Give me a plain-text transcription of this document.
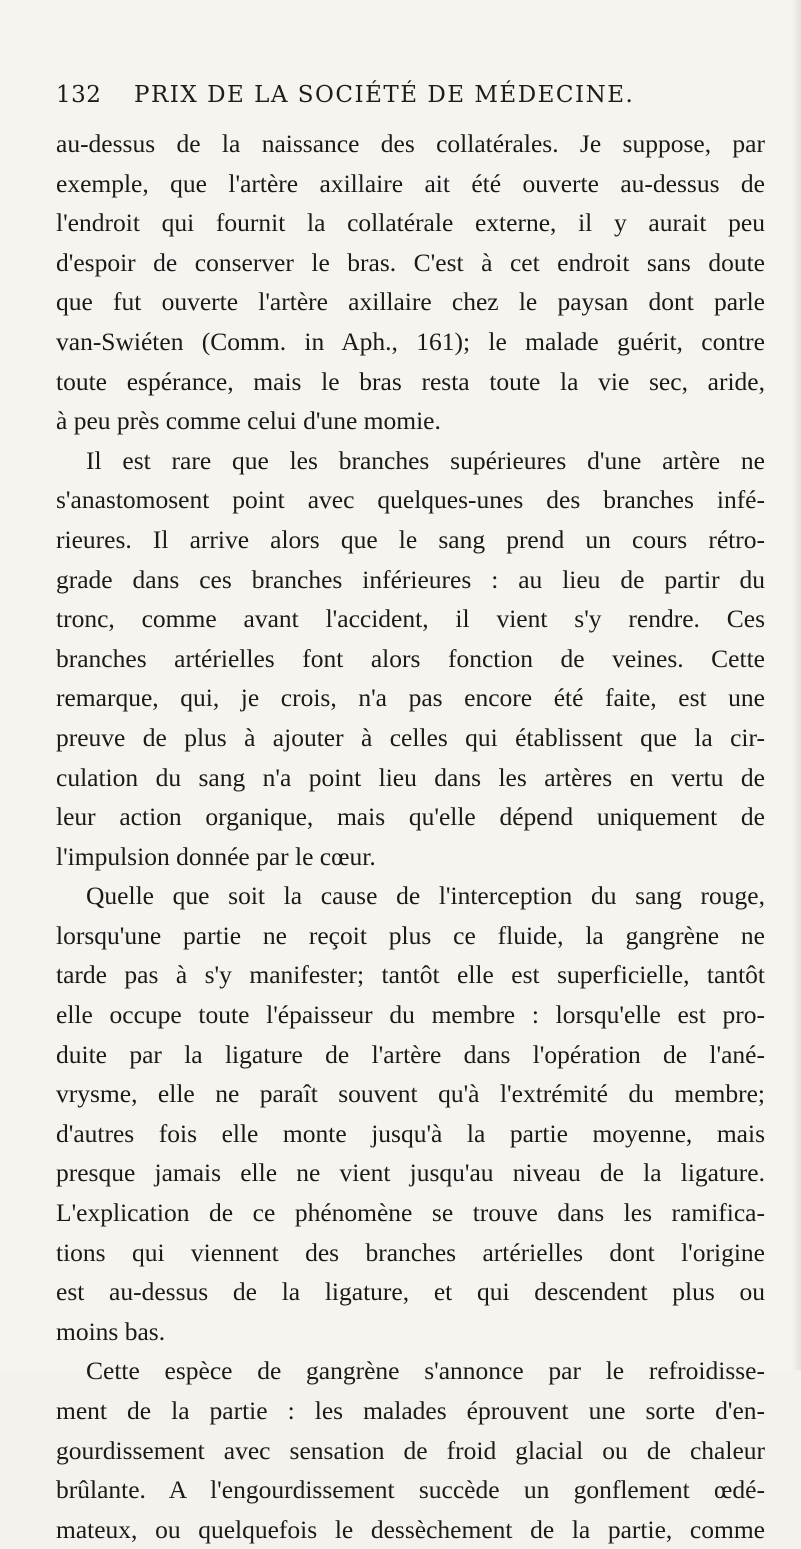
132 PRIX DE LA SOCIÉTÉ DE MÉDECINE.
au-dessus de la naissance des collatérales. Je suppose, par
exemple, que l'artère axillaire ait été ouverte au-dessus de
l'endroit qui fournit la collatérale externe, il y aurait peu
d'espoir de conserver le bras. C'est à cet endroit sans doute
que fut ouverte l'artère axillaire chez le paysan dont parle
van-Swiéten (Comm. in Aph., 161); le malade guérit, contre
toute espérance, mais le bras resta toute la vie sec, aride,
à peu près comme celui d'une momie.
Il est rare que les branches supérieures d'une artère ne
s'anastomosent point avec quelques-unes des branches infé-
rieures. Il arrive alors que le sang prend un cours rétro-
grade dans ces branches inférieures : au lieu de partir du
tronc, comme avant l'accident, il vient s'y rendre. Ces
branches artérielles font alors fonction de veines. Cette
remarque, qui, je crois, n'a pas encore été faite, est une
preuve de plus à ajouter à celles qui établissent que la cir-
culation du sang n'a point lieu dans les artères en vertu de
leur action organique, mais qu'elle dépend uniquement de
l'impulsion donnée par le cœur.
Quelle que soit la cause de l'interception du sang rouge,
lorsqu'une partie ne reçoit plus ce fluide, la gangrène ne
tarde pas à s'y manifester; tantôt elle est superficielle, tantôt
elle occupe toute l'épaisseur du membre : lorsqu'elle est pro-
duite par la ligature de l'artère dans l'opération de l'ané-
vrysme, elle ne paraît souvent qu'à l'extrémité du membre;
d'autres fois elle monte jusqu'à la partie moyenne, mais
presque jamais elle ne vient jusqu'au niveau de la ligature.
L'explication de ce phénomène se trouve dans les ramifica-
tions qui viennent des branches artérielles dont l'origine
est au-dessus de la ligature, et qui descendent plus ou
moins bas.
Cette espèce de gangrène s'annonce par le refroidisse-
ment de la partie : les malades éprouvent une sorte d'en-
gourdissement avec sensation de froid glacial ou de chaleur
brûlante. A l'engourdissement succède un gonflement œdé-
mateux, ou quelquefois le dessèchement de la partie, comme
